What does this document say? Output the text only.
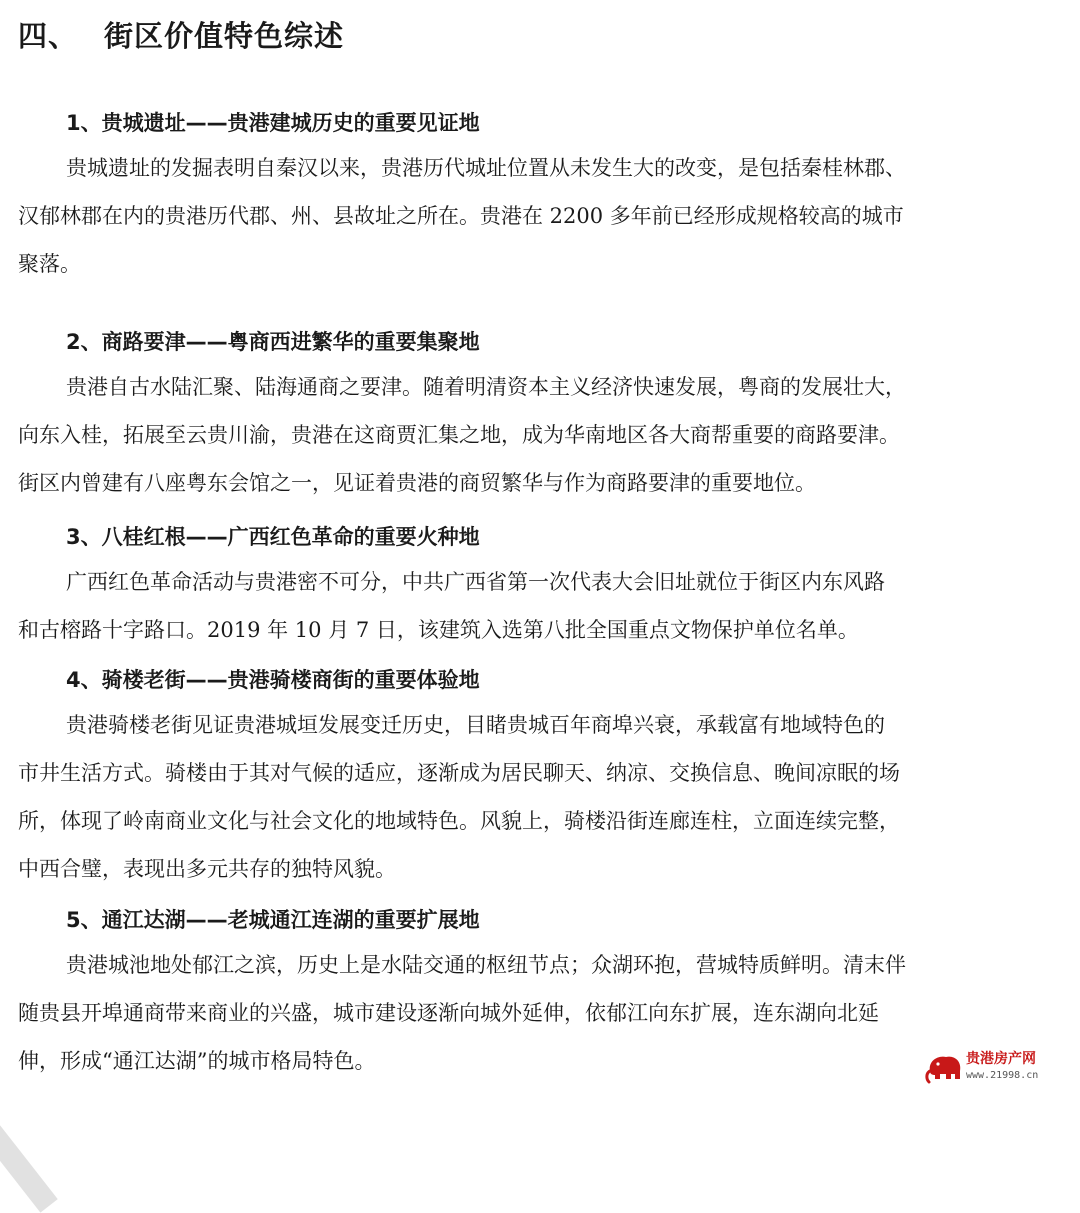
四、 街区价值特色综述
1、贵城遗址——贵港建城历史的重要见证地
贵城遗址的发掘表明自秦汉以来，贵港历代城址位置从未发生大的改变，是包括秦桂林郡、
汉郁林郡在内的贵港历代郡、州、县故址之所在。贵港在 2200 多年前已经形成规格较高的城市
聚落。
2、商路要津——粤商西进繁华的重要集聚地
贵港自古水陆汇聚、陆海通商之要津。随着明清资本主义经济快速发展，粤商的发展壮大，
向东入桂，拓展至云贵川渝，贵港在这商贾汇集之地，成为华南地区各大商帮重要的商路要津。
街区内曾建有八座粤东会馆之一，见证着贵港的商贸繁华与作为商路要津的重要地位。
3、八桂红根——广西红色革命的重要火种地
广西红色革命活动与贵港密不可分，中共广西省第一次代表大会旧址就位于街区内东风路
和古榕路十字路口。2019 年 10 月 7 日，该建筑入选第八批全国重点文物保护单位名单。
4、骑楼老街——贵港骑楼商街的重要体验地
贵港骑楼老街见证贵港城垣发展变迁历史，目睹贵城百年商埠兴衰，承载富有地域特色的
市井生活方式。骑楼由于其对气候的适应，逐渐成为居民聊天、纳凉、交换信息、晚间凉眠的场
所，体现了岭南商业文化与社会文化的地域特色。风貌上，骑楼沿街连廊连柱，立面连续完整，
中西合璧，表现出多元共存的独特风貌。
5、通江达湖——老城通江连湖的重要扩展地
贵港城池地处郁江之滨，历史上是水陆交通的枢纽节点；众湖环抱，营城特质鲜明。清末伴
随贵县开埠通商带来商业的兴盛，城市建设逐渐向城外延伸，依郁江向东扩展，连东湖向北延
伸，形成“通江达湖”的城市格局特色。	贵港房产网
www.21998.cn
